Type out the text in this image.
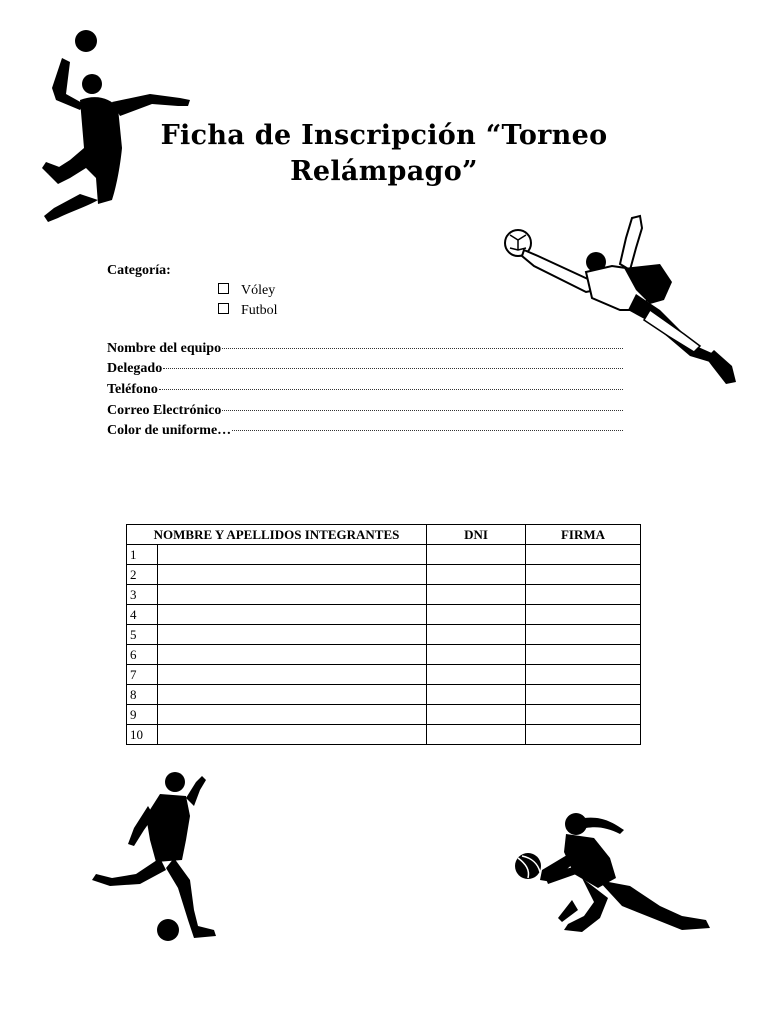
Ficha de Inscripción “Torneo
Relámpago”
Categoría:
Vóley
Futbol
Nombre del equipo
Delegado
Teléfono
Correo Electrónico
Color de uniforme…
NOMBRE Y APELLIDOS INTEGRANTES		DNI	FIRMA
1			
2			
3			
4			
5			
6			
7			
8			
9			
10			
